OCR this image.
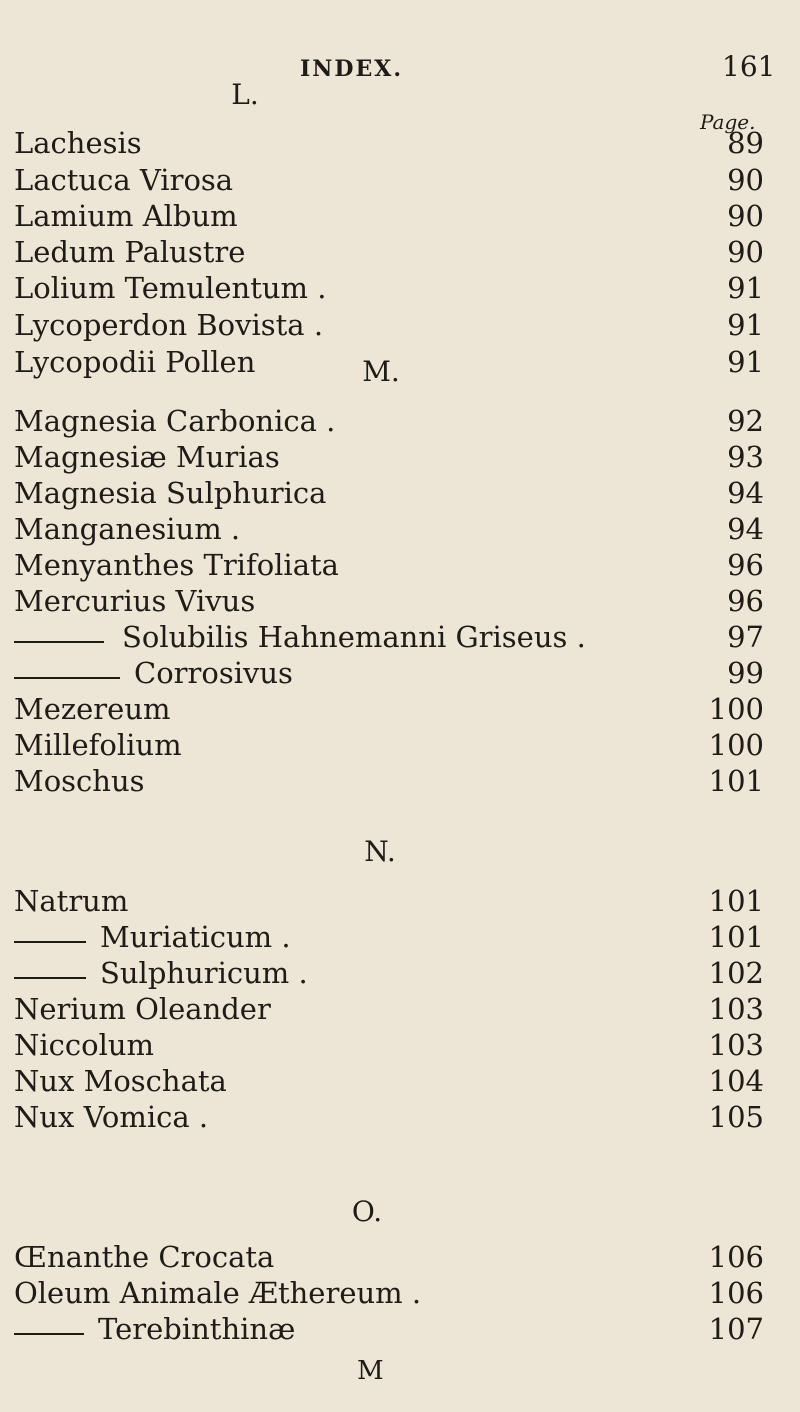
INDEX.	161
Page.
L.
M.
N.
O.
Lachesis	89
Lactuca Virosa	90
Lamium Album	90
Ledum Palustre	90
Lolium Temulentum .	91
Lycoperdon Bovista .	91
Lycopodii Pollen	91
Magnesia Carbonica .	92
Magnesiæ Murias	93
Magnesia Sulphurica	94
Manganesium .	94
Menyanthes Trifoliata	96
Mercurius Vivus	96
Solubilis Hahnemanni Griseus .	97
Corrosivus	99
Mezereum	100
Millefolium	100
Moschus	101
Natrum	101
Muriaticum .	101
Sulphuricum .	102
Nerium Oleander	103
Niccolum	103
Nux Moschata	104
Nux Vomica .	105
Œnanthe Crocata	106
Oleum Animale Æthereum .	106
Terebinthinæ	107
M
